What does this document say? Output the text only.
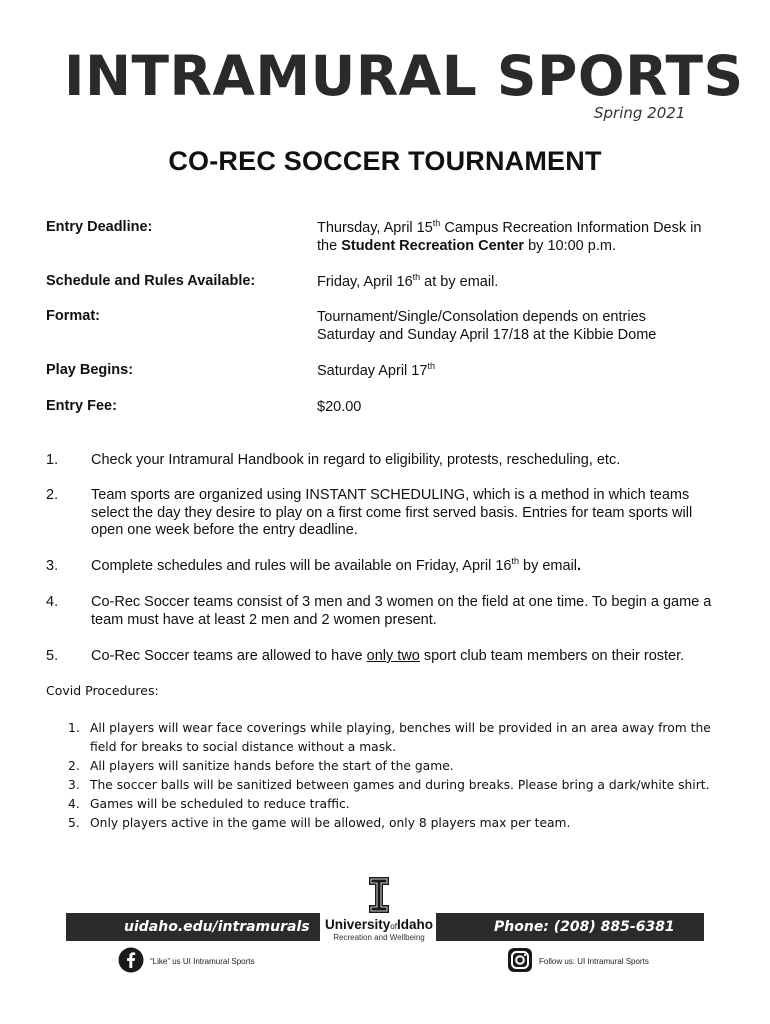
INTRAMURAL SPORTS
Spring 2021
CO-REC SOCCER TOURNAMENT
Entry Deadline:	Thursday, April 15th Campus Recreation Information Desk in the Student Recreation Center by 10:00 p.m.
Schedule and Rules Available:	Friday, April 16th at by email.
Format:	Tournament/Single/Consolation depends on entries
Saturday and Sunday April 17/18 at the Kibbie Dome
Play Begins:	Saturday April 17th
Entry Fee:	$20.00
1. Check your Intramural Handbook in regard to eligibility, protests, rescheduling, etc.
2. Team sports are organized using INSTANT SCHEDULING, which is a method in which teams select the day they desire to play on a first come first served basis. Entries for team sports will open one week before the entry deadline.
3. Complete schedules and rules will be available on Friday, April 16th by email.
4. Co-Rec Soccer teams consist of 3 men and 3 women on the field at one time. To begin a game a team must have at least 2 men and 2 women present.
5. Co-Rec Soccer teams are allowed to have only two sport club team members on their roster.
Covid Procedures:
1. All players will wear face coverings while playing, benches will be provided in an area away from the field for breaks to social distance without a mask.
2. All players will sanitize hands before the start of the game.
3. The soccer balls will be sanitized between games and during breaks. Please bring a dark/white shirt.
4. Games will be scheduled to reduce traffic.
5. Only players active in the game will be allowed, only 8 players max per team.
uidaho.edu/intramurals	Phone: (208) 885-6381
UniversityofIdaho
Recreation and Wellbeing
“Like” us UI Intramural Sports	Follow us: UI Intramural Sports
